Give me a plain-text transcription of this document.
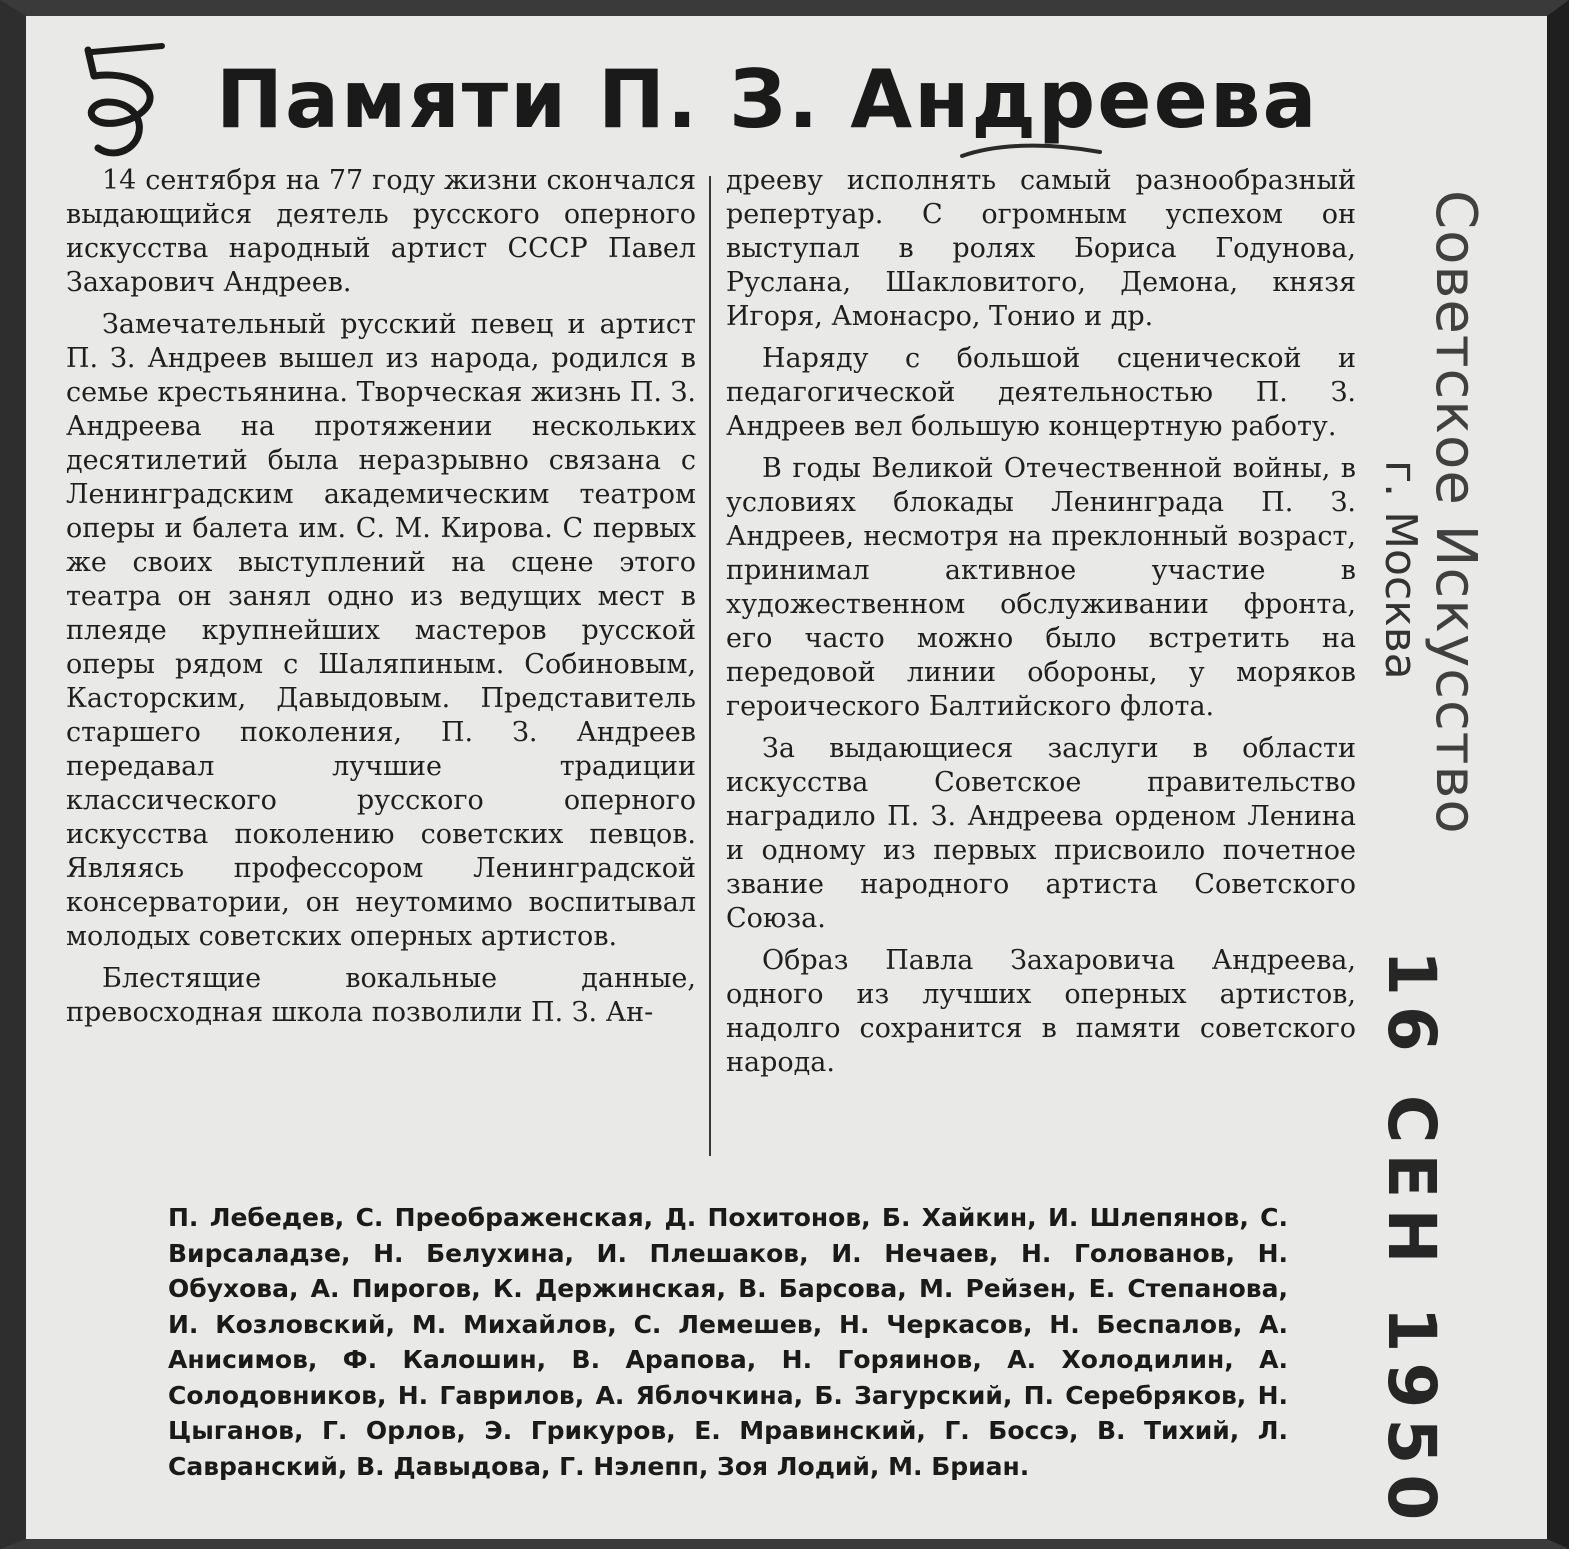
Памяти П. З. Андреева

14 сентября на 77 году жизни скончался выдающийся деятель русского оперного искусства народный артист СССР Павел Захарович Андреев.

Замечательный русский певец и артист П. З. Андреев вышел из народа, родился в семье крестьянина. Творческая жизнь П. З. Андреева на протяжении нескольких десятилетий была неразрывно связана с Ленинградским академическим театром оперы и балета им. С. М. Кирова. С первых же своих выступлений на сцене этого театра он занял одно из ведущих мест в плеяде крупнейших мастеров русской оперы рядом с Шаляпиным. Собиновым, Касторским, Давыдовым. Представитель старшего поколения, П. З. Андреев передавал лучшие традиции классического русского оперного искусства поколению советских певцов. Являясь профессором Ленинградской консерватории, он неутомимо воспитывал молодых советских оперных артистов.

Блестящие вокальные данные, превосходная школа позволили П. З. Ан-

дрееву исполнять самый разнообразный репертуар. С огромным успехом он выступал в ролях Бориса Годунова, Руслана, Шакловитого, Демона, князя Игоря, Амонасро, Тонио и др.

Наряду с большой сценической и педагогической деятельностью П. З. Андреев вел большую концертную работу.

В годы Великой Отечественной войны, в условиях блокады Ленинграда П. З. Андреев, несмотря на преклонный возраст, принимал активное участие в художественном обслуживании фронта, его часто можно было встретить на передовой линии обороны, у моряков героического Балтийского флота.

За выдающиеся заслуги в области искусства Советское правительство наградило П. З. Андреева орденом Ленина и одному из первых присвоило почетное звание народного артиста Советского Союза.

Образ Павла Захаровича Андреева, одного из лучших оперных артистов, надолго сохранится в памяти советского народа.

П. Лебедев, С. Преображенская, Д. Похитонов, Б. Хайкин, И. Шлепянов, С. Вирсаладзе, Н. Белухина, И. Плешаков, И. Нечаев, Н. Голованов, Н. Обухова, А. Пирогов, К. Держинская, В. Барсова, М. Рейзен, Е. Степанова, И. Козловский, М. Михайлов, С. Лемешев, Н. Черкасов, Н. Беспалов, А. Анисимов, Ф. Калошин, В. Арапова, Н. Горяинов, А. Холодилин, А. Солодовников, Н. Гаврилов, А. Яблочкина, Б. Загурский, П. Серебряков, Н. Цыганов, Г. Орлов, Э. Грикуров, Е. Мравинский, Г. Боссэ, В. Тихий, Л. Савранский, В. Давыдова, Г. Нэлепп, Зоя Лодий, М. Бриан.

Советское Искусство
г. Москва
16 СЕН 1950
